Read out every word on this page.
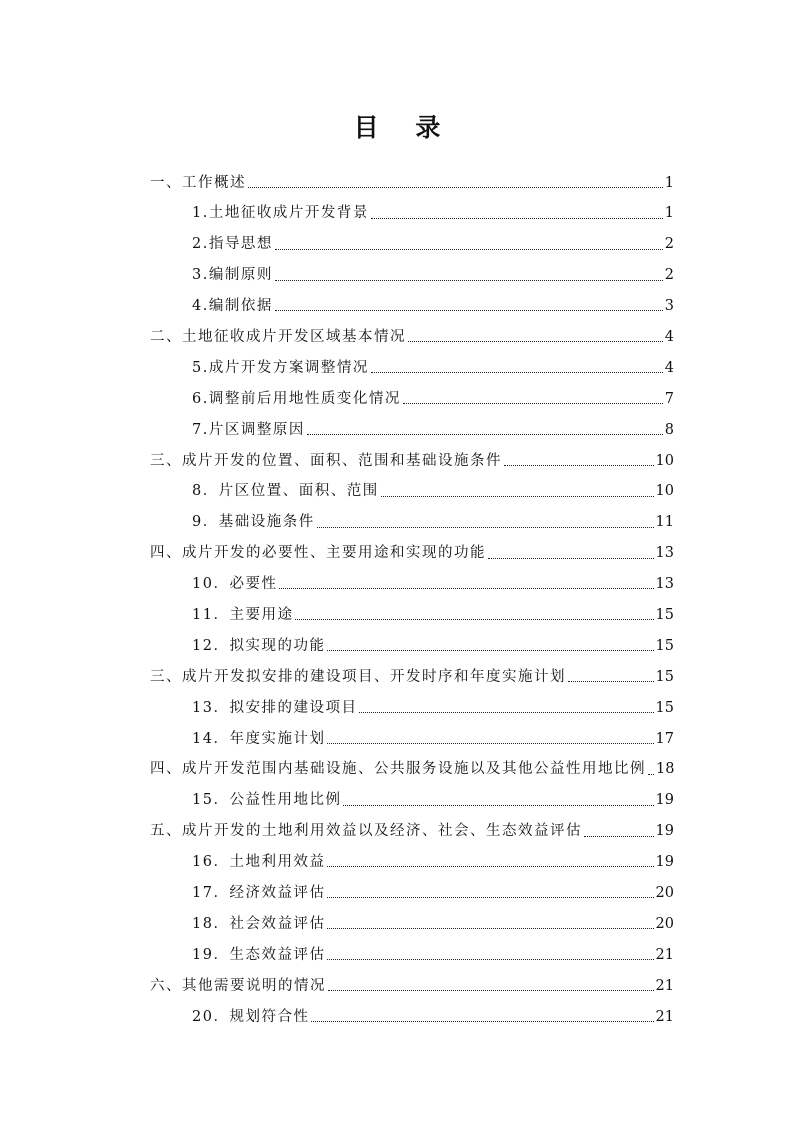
目 录
一、工作概述	1
1.土地征收成片开发背景	1
2.指导思想	2
3.编制原则	2
4.编制依据	3
二、土地征收成片开发区域基本情况	4
5.成片开发方案调整情况	4
6.调整前后用地性质变化情况	7
7.片区调整原因	8
三、成片开发的位置、面积、范围和基础设施条件	10
8．片区位置、面积、范围	10
9．基础设施条件	11
四、成片开发的必要性、主要用途和实现的功能	13
10．必要性	13
11．主要用途	15
12．拟实现的功能	15
三、成片开发拟安排的建设项目、开发时序和年度实施计划	15
13．拟安排的建设项目	15
14．年度实施计划	17
四、成片开发范围内基础设施、公共服务设施以及其他公益性用地比例 18
15．公益性用地比例	19
五、成片开发的土地利用效益以及经济、社会、生态效益评估	19
16．土地利用效益	19
17．经济效益评估	20
18．社会效益评估	20
19．生态效益评估	21
六、其他需要说明的情况	21
20．规划符合性	21
